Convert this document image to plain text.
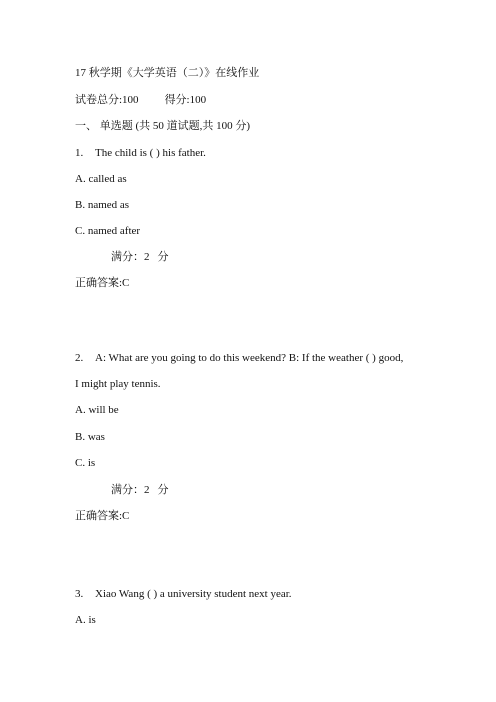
17 秋学期《大学英语（二）》在线作业
试卷总分:100 得分:100
一、 单选题 (共 50 道试题,共 100 分)
1. The child is ( ) his father.
A. called as
B. named as
C. named after
满分：2 分
正确答案:C
2. A: What are you going to do this weekend? B: If the weather ( ) good,
I might play tennis.
A. will be
B. was
C. is
满分：2 分
正确答案:C
3. Xiao Wang ( ) a university student next year.
A. is
